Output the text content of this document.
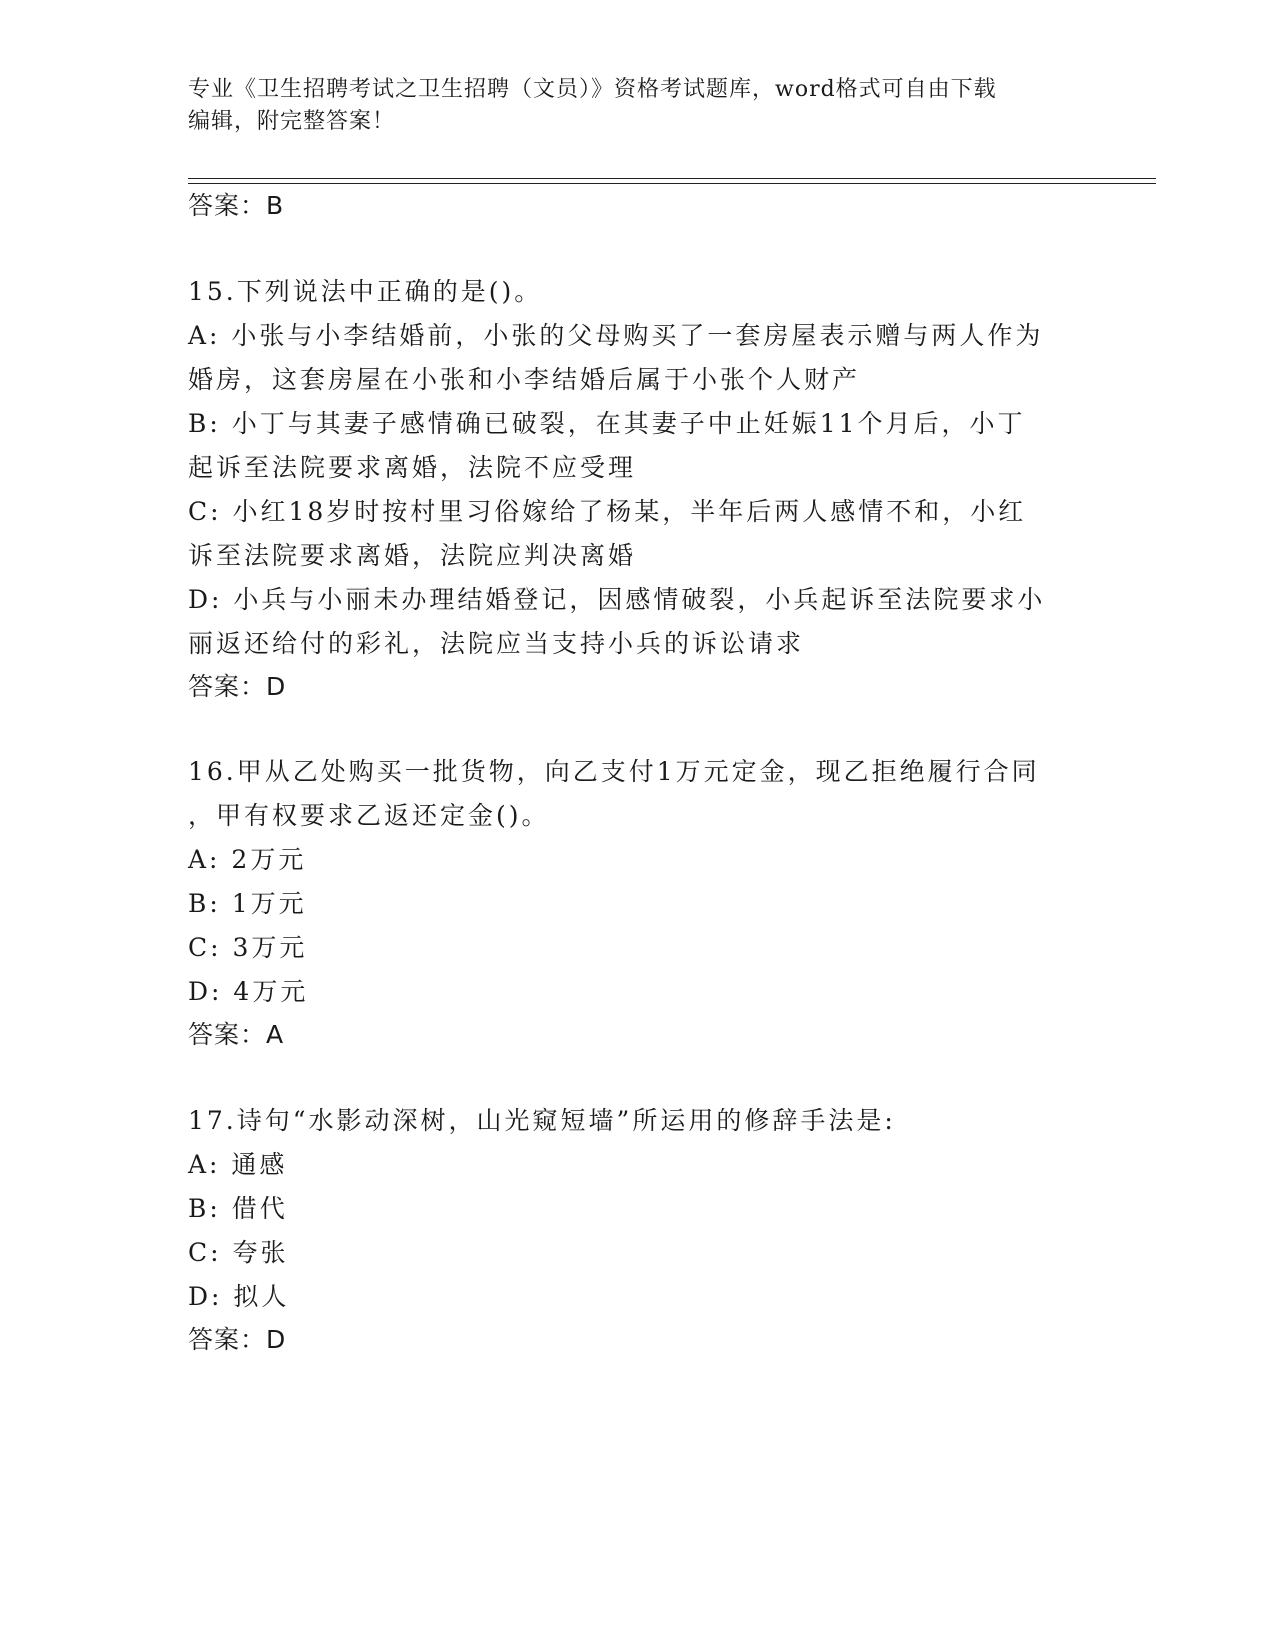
专业《卫生招聘考试之卫生招聘（文员）》资格考试题库，word格式可自由下载
编辑，附完整答案！
答案：B
15.下列说法中正确的是()。
A: 小张与小李结婚前，小张的父母购买了一套房屋表示赠与两人作为
婚房，这套房屋在小张和小李结婚后属于小张个人财产
B: 小丁与其妻子感情确已破裂，在其妻子中止妊娠11个月后，小丁
起诉至法院要求离婚，法院不应受理
C: 小红18岁时按村里习俗嫁给了杨某，半年后两人感情不和，小红
诉至法院要求离婚，法院应判决离婚
D: 小兵与小丽未办理结婚登记，因感情破裂，小兵起诉至法院要求小
丽返还给付的彩礼，法院应当支持小兵的诉讼请求
答案：D
16.甲从乙处购买一批货物，向乙支付1万元定金，现乙拒绝履行合同
，甲有权要求乙返还定金()。
A: 2万元
B: 1万元
C: 3万元
D: 4万元
答案：A
17.诗句“水影动深树，山光窥短墙”所运用的修辞手法是:
A: 通感
B: 借代
C: 夸张
D: 拟人
答案：D
